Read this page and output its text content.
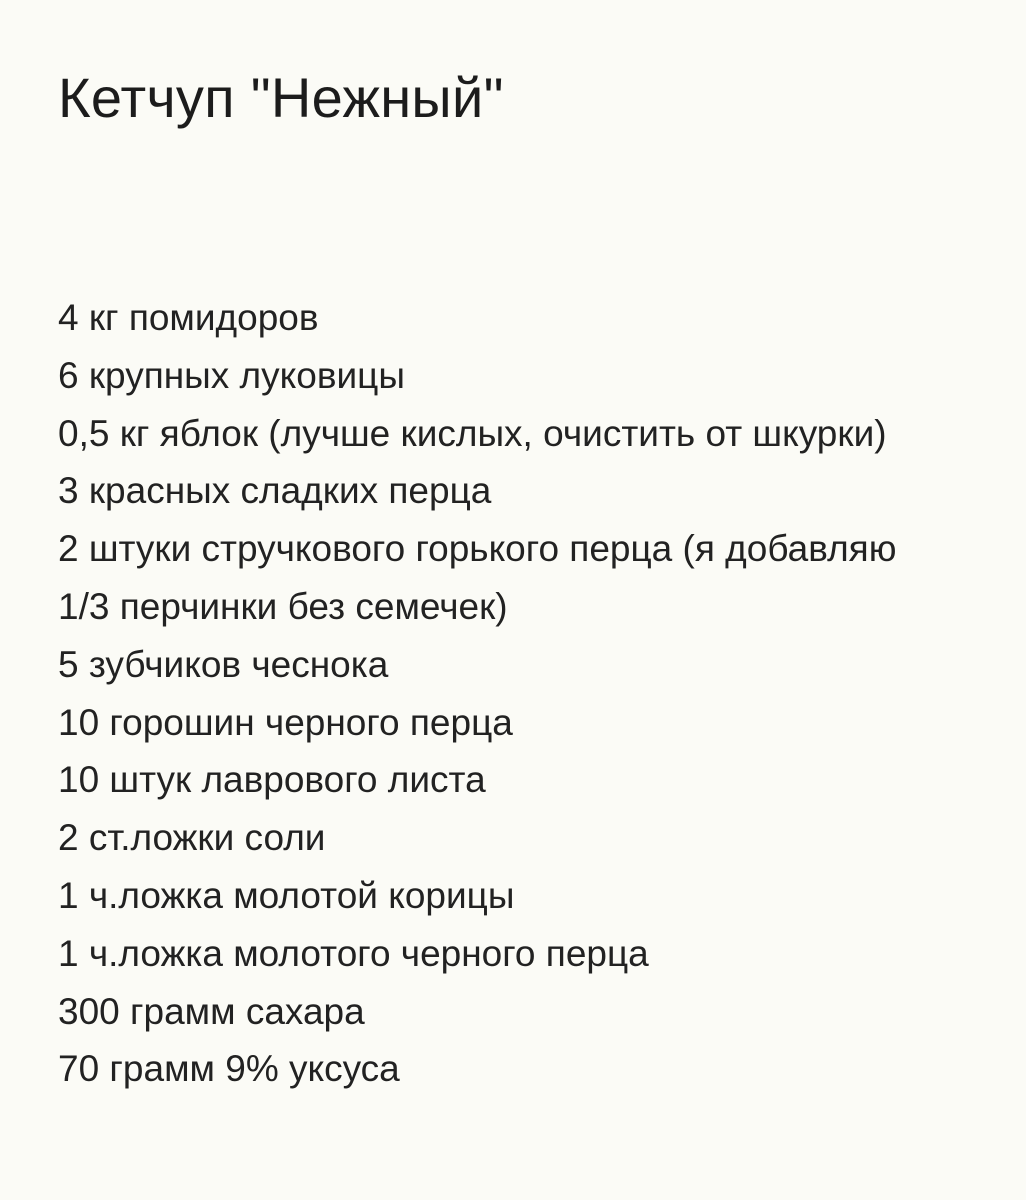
Кетчуп "Нежный"
4 кг помидоров
6 крупных луковицы
0,5 кг яблок (лучше кислых, очистить от шкурки)
3 красных сладких перца
2 штуки стручкового горького перца (я добавляю 1/3 перчинки без семечек)
5 зубчиков чеснока
10 горошин черного перца
10 штук лаврового листа
2 ст.ложки соли
1 ч.ложка молотой корицы
1 ч.ложка молотого черного перца
300 грамм сахара
70 грамм 9% уксуса
